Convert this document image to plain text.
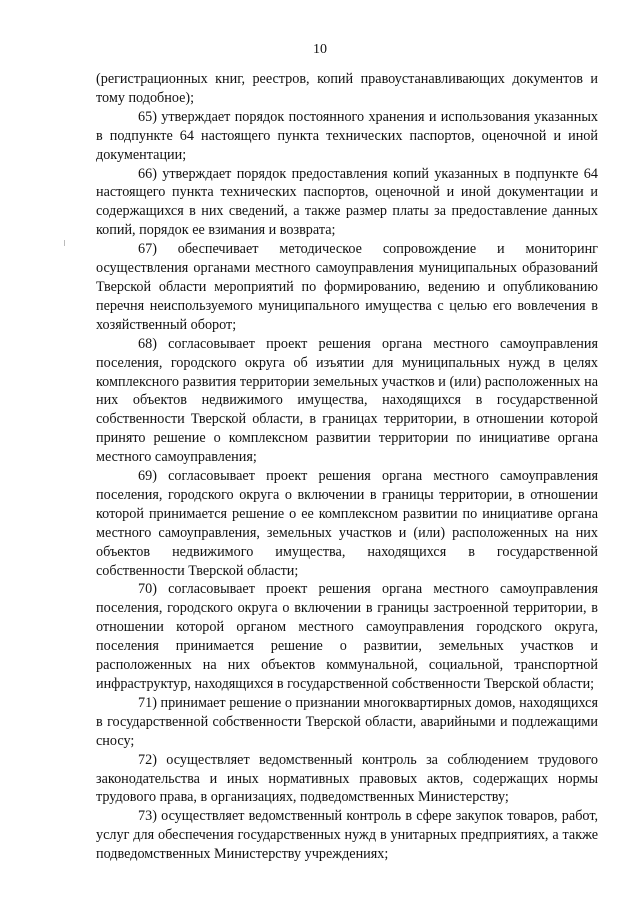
10

(регистрационных книг, реестров, копий правоустанавливающих документов и тому подобное);

65) утверждает порядок постоянного хранения и использования указанных в подпункте 64 настоящего пункта технических паспортов, оценочной и иной документации;

66) утверждает порядок предоставления копий указанных в подпункте 64 настоящего пункта технических паспортов, оценочной и иной документации и содержащихся в них сведений, а также размер платы за предоставление данных копий, порядок ее взимания и возврата;

67) обеспечивает методическое сопровождение и мониторинг осуществления органами местного самоуправления муниципальных образований Тверской области мероприятий по формированию, ведению и опубликованию перечня неиспользуемого муниципального имущества с целью его вовлечения в хозяйственный оборот;

68) согласовывает проект решения органа местного самоуправления поселения, городского округа об изъятии для муниципальных нужд в целях комплексного развития территории земельных участков и (или) расположенных на них объектов недвижимого имущества, находящихся в государственной собственности Тверской области, в границах территории, в отношении которой принято решение о комплексном развитии территории по инициативе органа местного самоуправления;

69) согласовывает проект решения органа местного самоуправления поселения, городского округа о включении в границы территории, в отношении которой принимается решение о ее комплексном развитии по инициативе органа местного самоуправления, земельных участков и (или) расположенных на них объектов недвижимого имущества, находящихся в государственной собственности Тверской области;

70) согласовывает проект решения органа местного самоуправления поселения, городского округа о включении в границы застроенной территории, в отношении которой органом местного самоуправления городского округа, поселения принимается решение о развитии, земельных участков и расположенных на них объектов коммунальной, социальной, транспортной инфраструктур, находящихся в государственной собственности Тверской области;

71) принимает решение о признании многоквартирных домов, находящихся в государственной собственности Тверской области, аварийными и подлежащими сносу;

72) осуществляет ведомственный контроль за соблюдением трудового законодательства и иных нормативных правовых актов, содержащих нормы трудового права, в организациях, подведомственных Министерству;

73) осуществляет ведомственный контроль в сфере закупок товаров, работ, услуг для обеспечения государственных нужд в унитарных предприятиях, а также подведомственных Министерству учреждениях;
